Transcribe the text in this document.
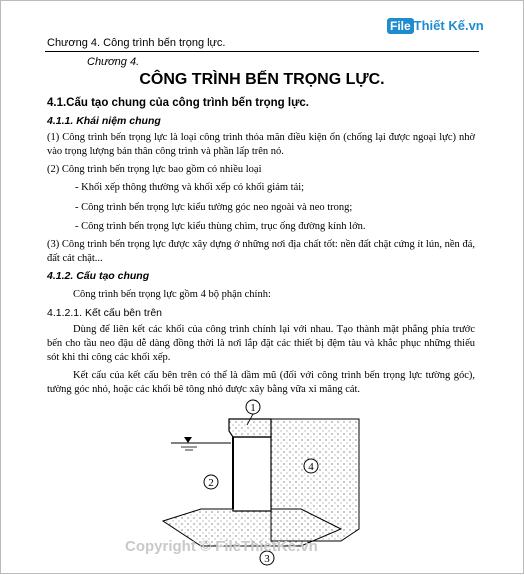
Chương 4. Công trình bến trọng lực.
File Thiết Kế.vn
Chương 4.
CÔNG TRÌNH BẾN TRỌNG LỰC.
4.1.Cấu tạo chung của công trình bến trọng lực.
4.1.1. Khái niệm chung
(1) Công trình bến trọng lực là loại công trình thỏa mãn điều kiện ổn (chống lại được ngoại lực) nhờ vào trọng lượng bản thân công trình và phần lấp trên nó.
(2) Công trình bến trọng lực bao gồm có nhiều loại
- Khối xếp thông thường và khối xếp có khối giảm tải;
- Công trình bến trọng lực kiểu tường góc neo ngoài và neo trong;
- Công trình bến trọng lực kiểu thùng chìm, trục ống đường kính lớn.
(3) Công trình bến trọng lực được xây dựng ở những nơi địa chất tốt: nền đất chặt cứng ít lún, nền đá, đất cát chặt...
4.1.2. Cấu tạo chung
Công trình bến trọng lực gồm 4 bộ phận chính:
4.1.2.1. Kết cấu bên trên
Dùng để liên kết các khối của công trình chính lại với nhau. Tạo thành mặt phẳng phía trước bến cho tầu neo đậu dễ dàng đồng thời là nơi lắp đặt các thiết bị đệm tàu và khắc phục những thiếu sót khi thi công các khối xếp.
Kết cấu của kết cấu bên trên có thể là dầm mũ (đối với công trình bến trọng lực tường góc), tường góc nhỏ, hoặc các khối bê tông nhỏ được xây bằng vữa xi măng cát.
1
2
3
4
Copyright © FileThietKe.vn
